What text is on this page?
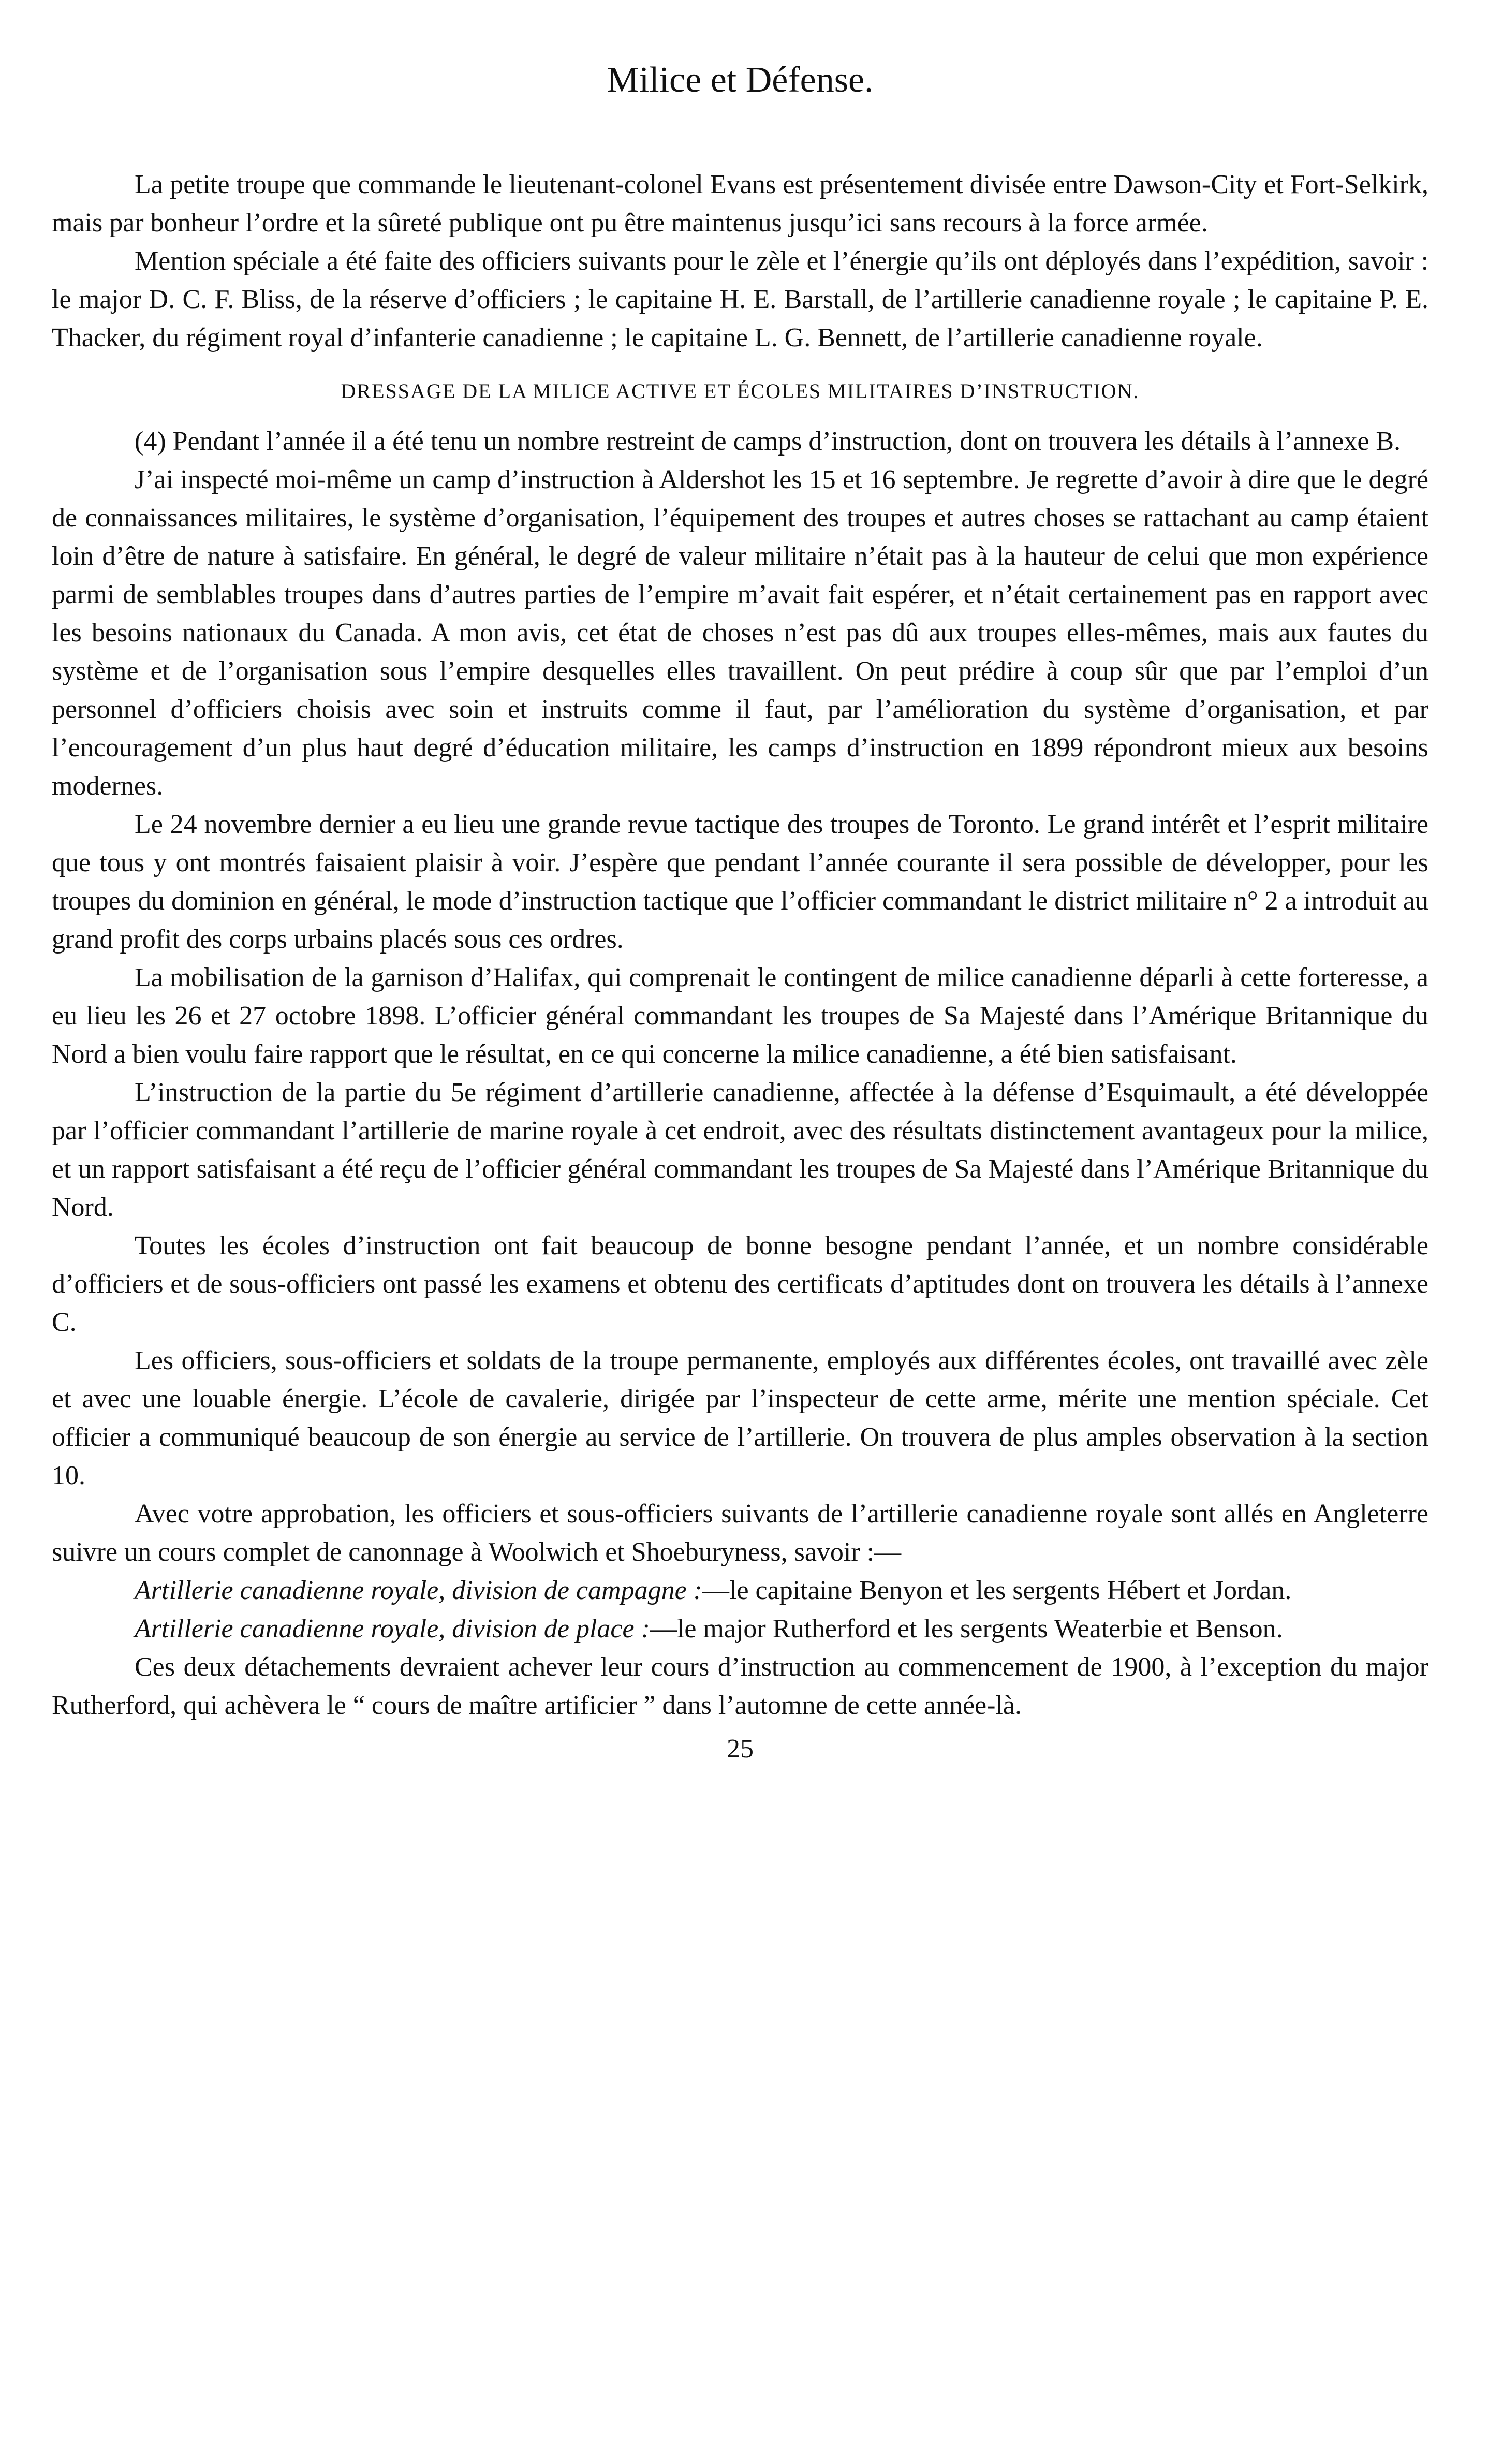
Milice et Défense.

La petite troupe que commande le lieutenant-colonel Evans est présentement divisée entre Dawson-City et Fort-Selkirk, mais par bonheur l’ordre et la sûreté publique ont pu être maintenus jusqu’ici sans recours à la force armée.

Mention spéciale a été faite des officiers suivants pour le zèle et l’énergie qu’ils ont déployés dans l’expédition, savoir : le major D. C. F. Bliss, de la réserve d’officiers ; le capitaine H. E. Barstall, de l’artillerie canadienne royale ; le capitaine P. E. Thacker, du régiment royal d’infanterie canadienne ; le capitaine L. G. Bennett, de l’artillerie canadienne royale.

DRESSAGE DE LA MILICE ACTIVE ET ÉCOLES MILITAIRES D’INSTRUCTION.

(4) Pendant l’année il a été tenu un nombre restreint de camps d’instruction, dont on trouvera les détails à l’annexe B.

J’ai inspecté moi-même un camp d’instruction à Aldershot les 15 et 16 septembre. Je regrette d’avoir à dire que le degré de connaissances militaires, le système d’organisation, l’équipement des troupes et autres choses se rattachant au camp étaient loin d’être de nature à satisfaire. En général, le degré de valeur militaire n’était pas à la hauteur de celui que mon expérience parmi de semblables troupes dans d’autres parties de l’empire m’avait fait espérer, et n’était certainement pas en rapport avec les besoins nationaux du Canada. A mon avis, cet état de choses n’est pas dû aux troupes elles-mêmes, mais aux fautes du système et de l’organisation sous l’empire desquelles elles travaillent. On peut prédire à coup sûr que par l’emploi d’un personnel d’officiers choisis avec soin et instruits comme il faut, par l’amélioration du système d’organisation, et par l’encouragement d’un plus haut degré d’éducation militaire, les camps d’instruction en 1899 répondront mieux aux besoins modernes.

Le 24 novembre dernier a eu lieu une grande revue tactique des troupes de Toronto. Le grand intérêt et l’esprit militaire que tous y ont montrés faisaient plaisir à voir. J’espère que pendant l’année courante il sera possible de développer, pour les troupes du dominion en général, le mode d’instruction tactique que l’officier commandant le district militaire n° 2 a introduit au grand profit des corps urbains placés sous ces ordres.

La mobilisation de la garnison d’Halifax, qui comprenait le contingent de milice canadienne déparli à cette forteresse, a eu lieu les 26 et 27 octobre 1898. L’officier général commandant les troupes de Sa Majesté dans l’Amérique Britannique du Nord a bien voulu faire rapport que le résultat, en ce qui concerne la milice canadienne, a été bien satisfaisant.

L’instruction de la partie du 5e régiment d’artillerie canadienne, affectée à la défense d’Esquimault, a été développée par l’officier commandant l’artillerie de marine royale à cet endroit, avec des résultats distinctement avantageux pour la milice, et un rapport satisfaisant a été reçu de l’officier général commandant les troupes de Sa Majesté dans l’Amérique Britannique du Nord.

Toutes les écoles d’instruction ont fait beaucoup de bonne besogne pendant l’année, et un nombre considérable d’officiers et de sous-officiers ont passé les examens et obtenu des certificats d’aptitudes dont on trouvera les détails à l’annexe C.

Les officiers, sous-officiers et soldats de la troupe permanente, employés aux différentes écoles, ont travaillé avec zèle et avec une louable énergie. L’école de cavalerie, dirigée par l’inspecteur de cette arme, mérite une mention spéciale. Cet officier a communiqué beaucoup de son énergie au service de l’artillerie. On trouvera de plus amples observation à la section 10.

Avec votre approbation, les officiers et sous-officiers suivants de l’artillerie canadienne royale sont allés en Angleterre suivre un cours complet de canonnage à Woolwich et Shoeburyness, savoir :—

Artillerie canadienne royale, division de campagne :—le capitaine Benyon et les sergents Hébert et Jordan.

Artillerie canadienne royale, division de place :—le major Rutherford et les sergents Weaterbie et Benson.

Ces deux détachements devraient achever leur cours d’instruction au commencement de 1900, à l’exception du major Rutherford, qui achèvera le “ cours de maître artificier ” dans l’automne de cette année-là.

25
